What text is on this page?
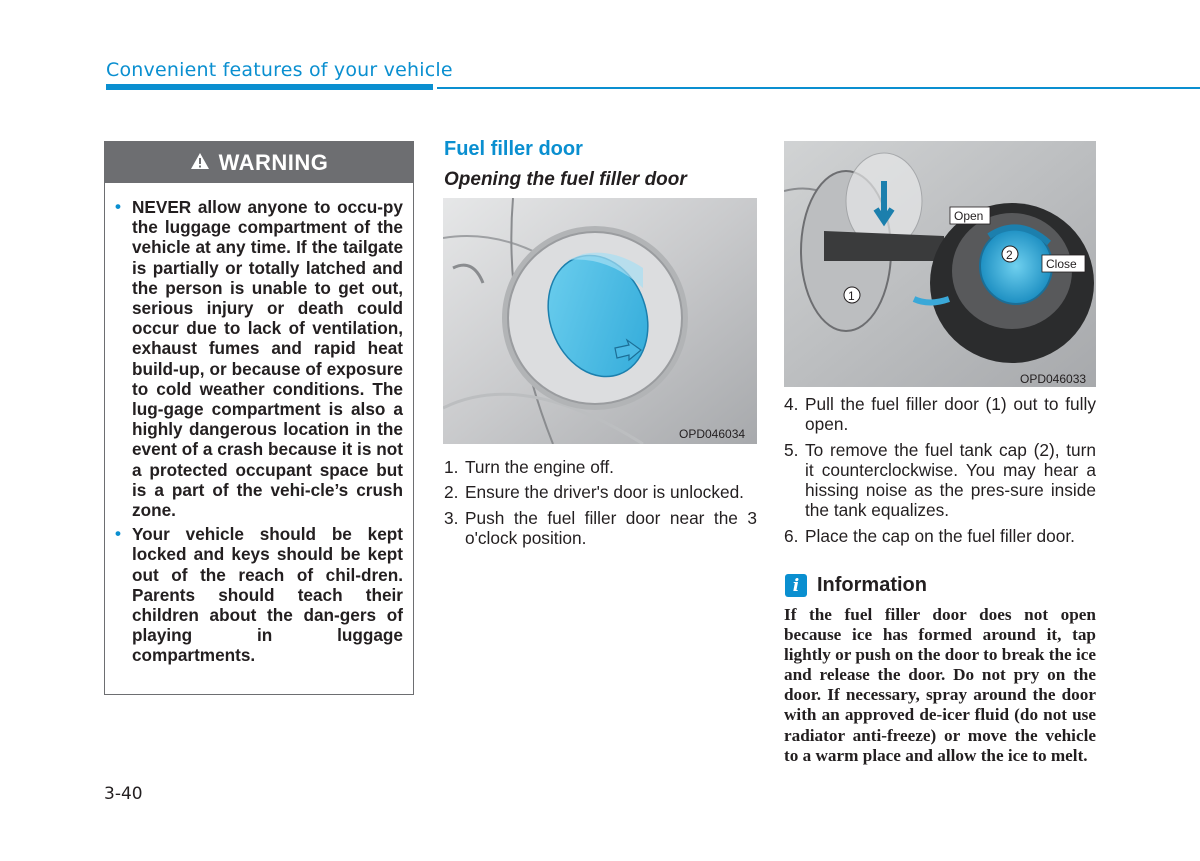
Convenient features of your vehicle
WARNING
• NEVER allow anyone to occu-py the luggage compartment of the vehicle at any time. If the tailgate is partially or totally latched and the person is unable to get out, serious injury or death could occur due to lack of ventilation, exhaust fumes and rapid heat build-up, or because of exposure to cold weather conditions. The lug-gage compartment is also a highly dangerous location in the event of a crash because it is not a protected occupant space but is a part of the vehi-cle’s crush zone.
• Your vehicle should be kept locked and keys should be kept out of the reach of chil-dren. Parents should teach their children about the dan-gers of playing in luggage compartments.
Fuel filler door
Opening the fuel filler door
OPD046034
1. Turn the engine off.
2. Ensure the driver's door is unlocked.
3. Push the fuel filler door near the 3 o'clock position.
2
1
Open
Close
OPD046033
4. Pull the fuel filler door (1) out to fully open.
5. To remove the fuel tank cap (2), turn it counterclockwise. You may hear a hissing noise as the pres-sure inside the tank equalizes.
6. Place the cap on the fuel filler door.
i Information

If the fuel filler door does not open because ice has formed around it, tap lightly or push on the door to break the ice and release the door. Do not pry on the door. If necessary, spray around the door with an approved de-icer fluid (do not use radiator anti-freeze) or move the vehicle to a warm place and allow the ice to melt.

3-40
